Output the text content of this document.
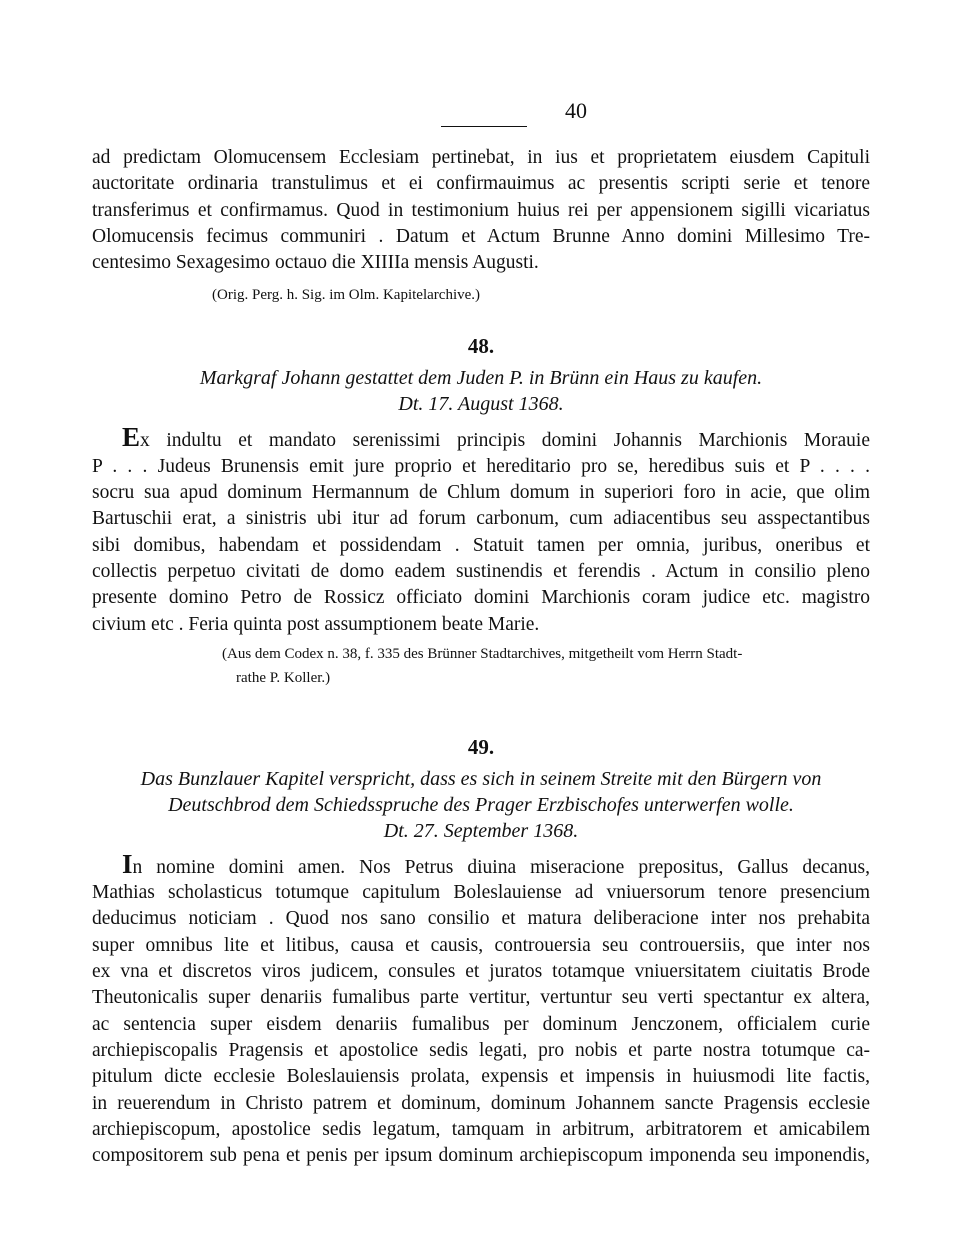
40
ad predictam Olomucensem Ecclesiam pertinebat, in ius et proprietatem eiusdem Capituli
auctoritate ordinaria transtulimus et ei confirmauimus ac presentis scripti serie et tenore
transferimus et confirmamus. Quod in testimonium huius rei per appensionem sigilli vicariatus
Olomucensis fecimus communiri . Datum et Actum Brunne Anno domini Millesimo Tre-
centesimo Sexagesimo octauo die XIIIIa mensis Augusti.
(Orig. Perg. h. Sig. im Olm. Kapitelarchive.)
48.
Markgraf Johann gestattet dem Juden P. in Brünn ein Haus zu kaufen.
Dt. 17. August 1368.
Ex indultu et mandato serenissimi principis domini Johannis Marchionis Morauie
P . . . Judeus Brunensis emit jure proprio et hereditario pro se, heredibus suis et P . . . .
socru sua apud dominum Hermannum de Chlum domum in superiori foro in acie, que olim
Bartuschii erat, a sinistris ubi itur ad forum carbonum, cum adiacentibus seu asspectantibus
sibi domibus, habendam et possidendam . Statuit tamen per omnia, juribus, oneribus et
collectis perpetuo civitati de domo eadem sustinendis et ferendis . Actum in consilio pleno
presente domino Petro de Rossicz officiato domini Marchionis coram judice etc. magistro
civium etc . Feria quinta post assumptionem beate Marie.
(Aus dem Codex n. 38, f. 335 des Brünner Stadtarchives, mitgetheilt vom Herrn Stadt-
rathe P. Koller.)
49.
Das Bunzlauer Kapitel verspricht, dass es sich in seinem Streite mit den Bürgern von
Deutschbrod dem Schiedsspruche des Prager Erzbischofes unterwerfen wolle.
Dt. 27. September 1368.
In nomine domini amen. Nos Petrus diuina miseracione prepositus, Gallus decanus,
Mathias scholasticus totumque capitulum Boleslauiense ad vniuersorum tenore presencium
deducimus noticiam . Quod nos sano consilio et matura deliberacione inter nos prehabita
super omnibus lite et litibus, causa et causis, controuersia seu controuersiis, que inter nos
ex vna et discretos viros judicem, consules et juratos totamque vniuersitatem ciuitatis Brode
Theutonicalis super denariis fumalibus parte vertitur, vertuntur seu verti spectantur ex altera,
ac sentencia super eisdem denariis fumalibus per dominum Jenczonem, officialem curie
archiepiscopalis Pragensis et apostolice sedis legati, pro nobis et parte nostra totumque ca-
pitulum dicte ecclesie Boleslauiensis prolata, expensis et impensis in huiusmodi lite factis,
in reuerendum in Christo patrem et dominum, dominum Johannem sancte Pragensis ecclesie
archiepiscopum, apostolice sedis legatum, tamquam in arbitrum, arbitratorem et amicabilem
compositorem sub pena et penis per ipsum dominum archiepiscopum imponenda seu imponendis,
